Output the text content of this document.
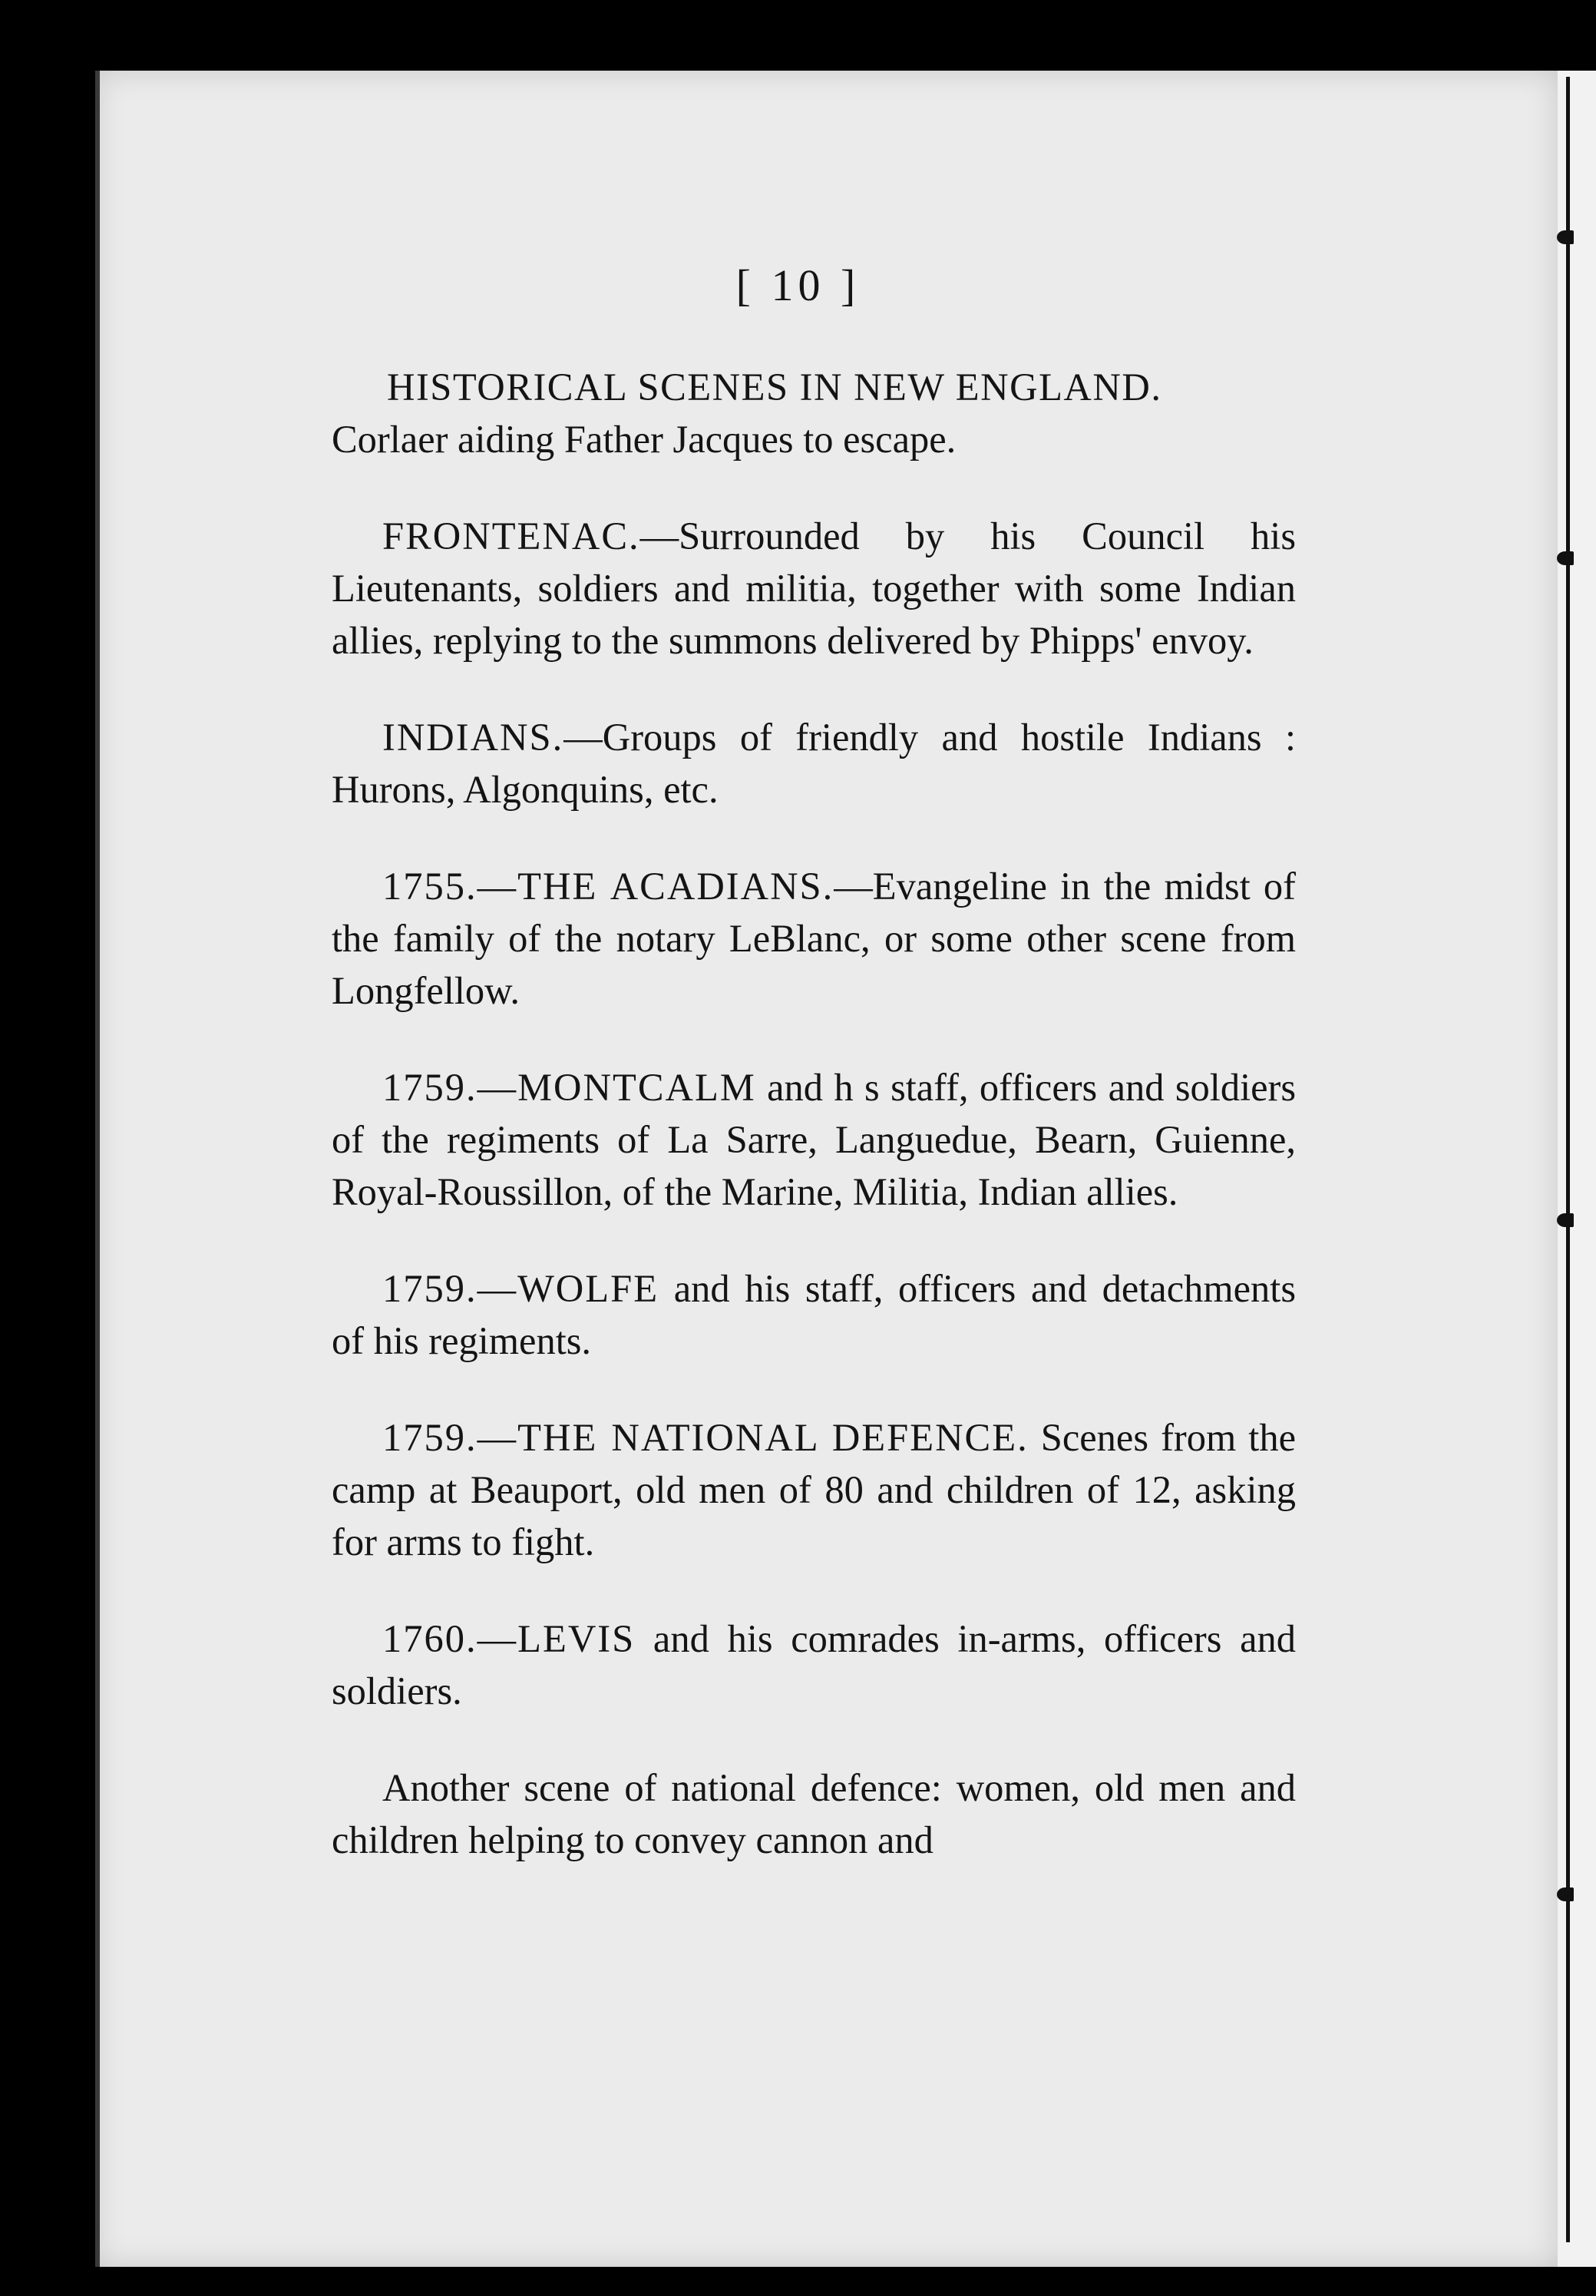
[ 10 ]

HISTORICAL SCENES IN NEW ENGLAND.
Corlaer aiding Father Jacques to escape.

FRONTENAC.—Surrounded by his Council his Lieutenants, soldiers and militia, together with some Indian allies, replying to the summons delivered by Phipps' envoy.

INDIANS.—Groups of friendly and hostile Indians : Hurons, Algonquins, etc.

1755.—THE ACADIANS.—Evangeline in the midst of the family of the notary LeBlanc, or some other scene from Longfellow.

1759.—MONTCALM and h s staff, officers and soldiers of the regiments of La Sarre, Languedue, Bearn, Guienne, Royal-Roussillon, of the Marine, Militia, Indian allies.

1759.—WOLFE and his staff, officers and detachments of his regiments.

1759.—THE NATIONAL DEFENCE. Scenes from the camp at Beauport, old men of 80 and children of 12, asking for arms to fight.

1760.—LEVIS and his comrades in-arms, officers and soldiers.

Another scene of national defence: women, old men and children helping to convey cannon and
